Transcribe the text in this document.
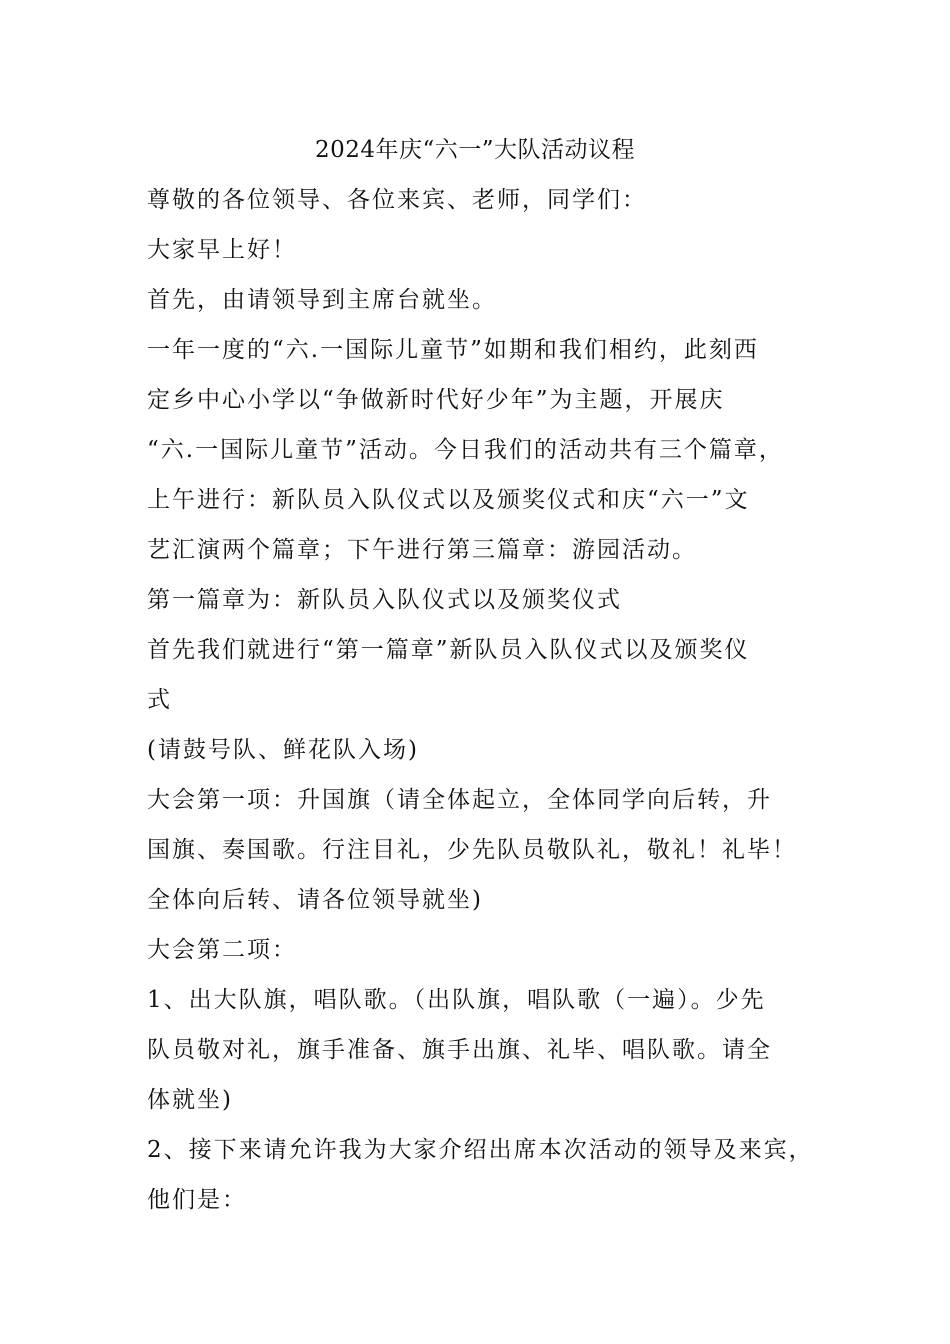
2024年庆“六一”大队活动议程
尊敬的各位领导、各位来宾、老师，同学们：
大家早上好！
首先，由请领导到主席台就坐。
一年一度的“六.一国际儿童节”如期和我们相约，此刻西
定乡中心小学以“争做新时代好少年”为主题，开展庆
“六.一国际儿童节”活动。今日我们的活动共有三个篇章，
上午进行：新队员入队仪式以及颁奖仪式和庆“六一”文
艺汇演两个篇章；下午进行第三篇章：游园活动。
第一篇章为：新队员入队仪式以及颁奖仪式
首先我们就进行“第一篇章”新队员入队仪式以及颁奖仪
式
(请鼓号队、鲜花队入场)
大会第一项：升国旗（请全体起立，全体同学向后转，升
国旗、奏国歌。行注目礼，少先队员敬队礼，敬礼！礼毕！
全体向后转、请各位领导就坐)
大会第二项：
1、出大队旗，唱队歌。（出队旗，唱队歌（一遍）。少先
队员敬对礼，旗手准备、旗手出旗、礼毕、唱队歌。请全
体就坐)
2、接下来请允许我为大家介绍出席本次活动的领导及来宾，
他们是：
